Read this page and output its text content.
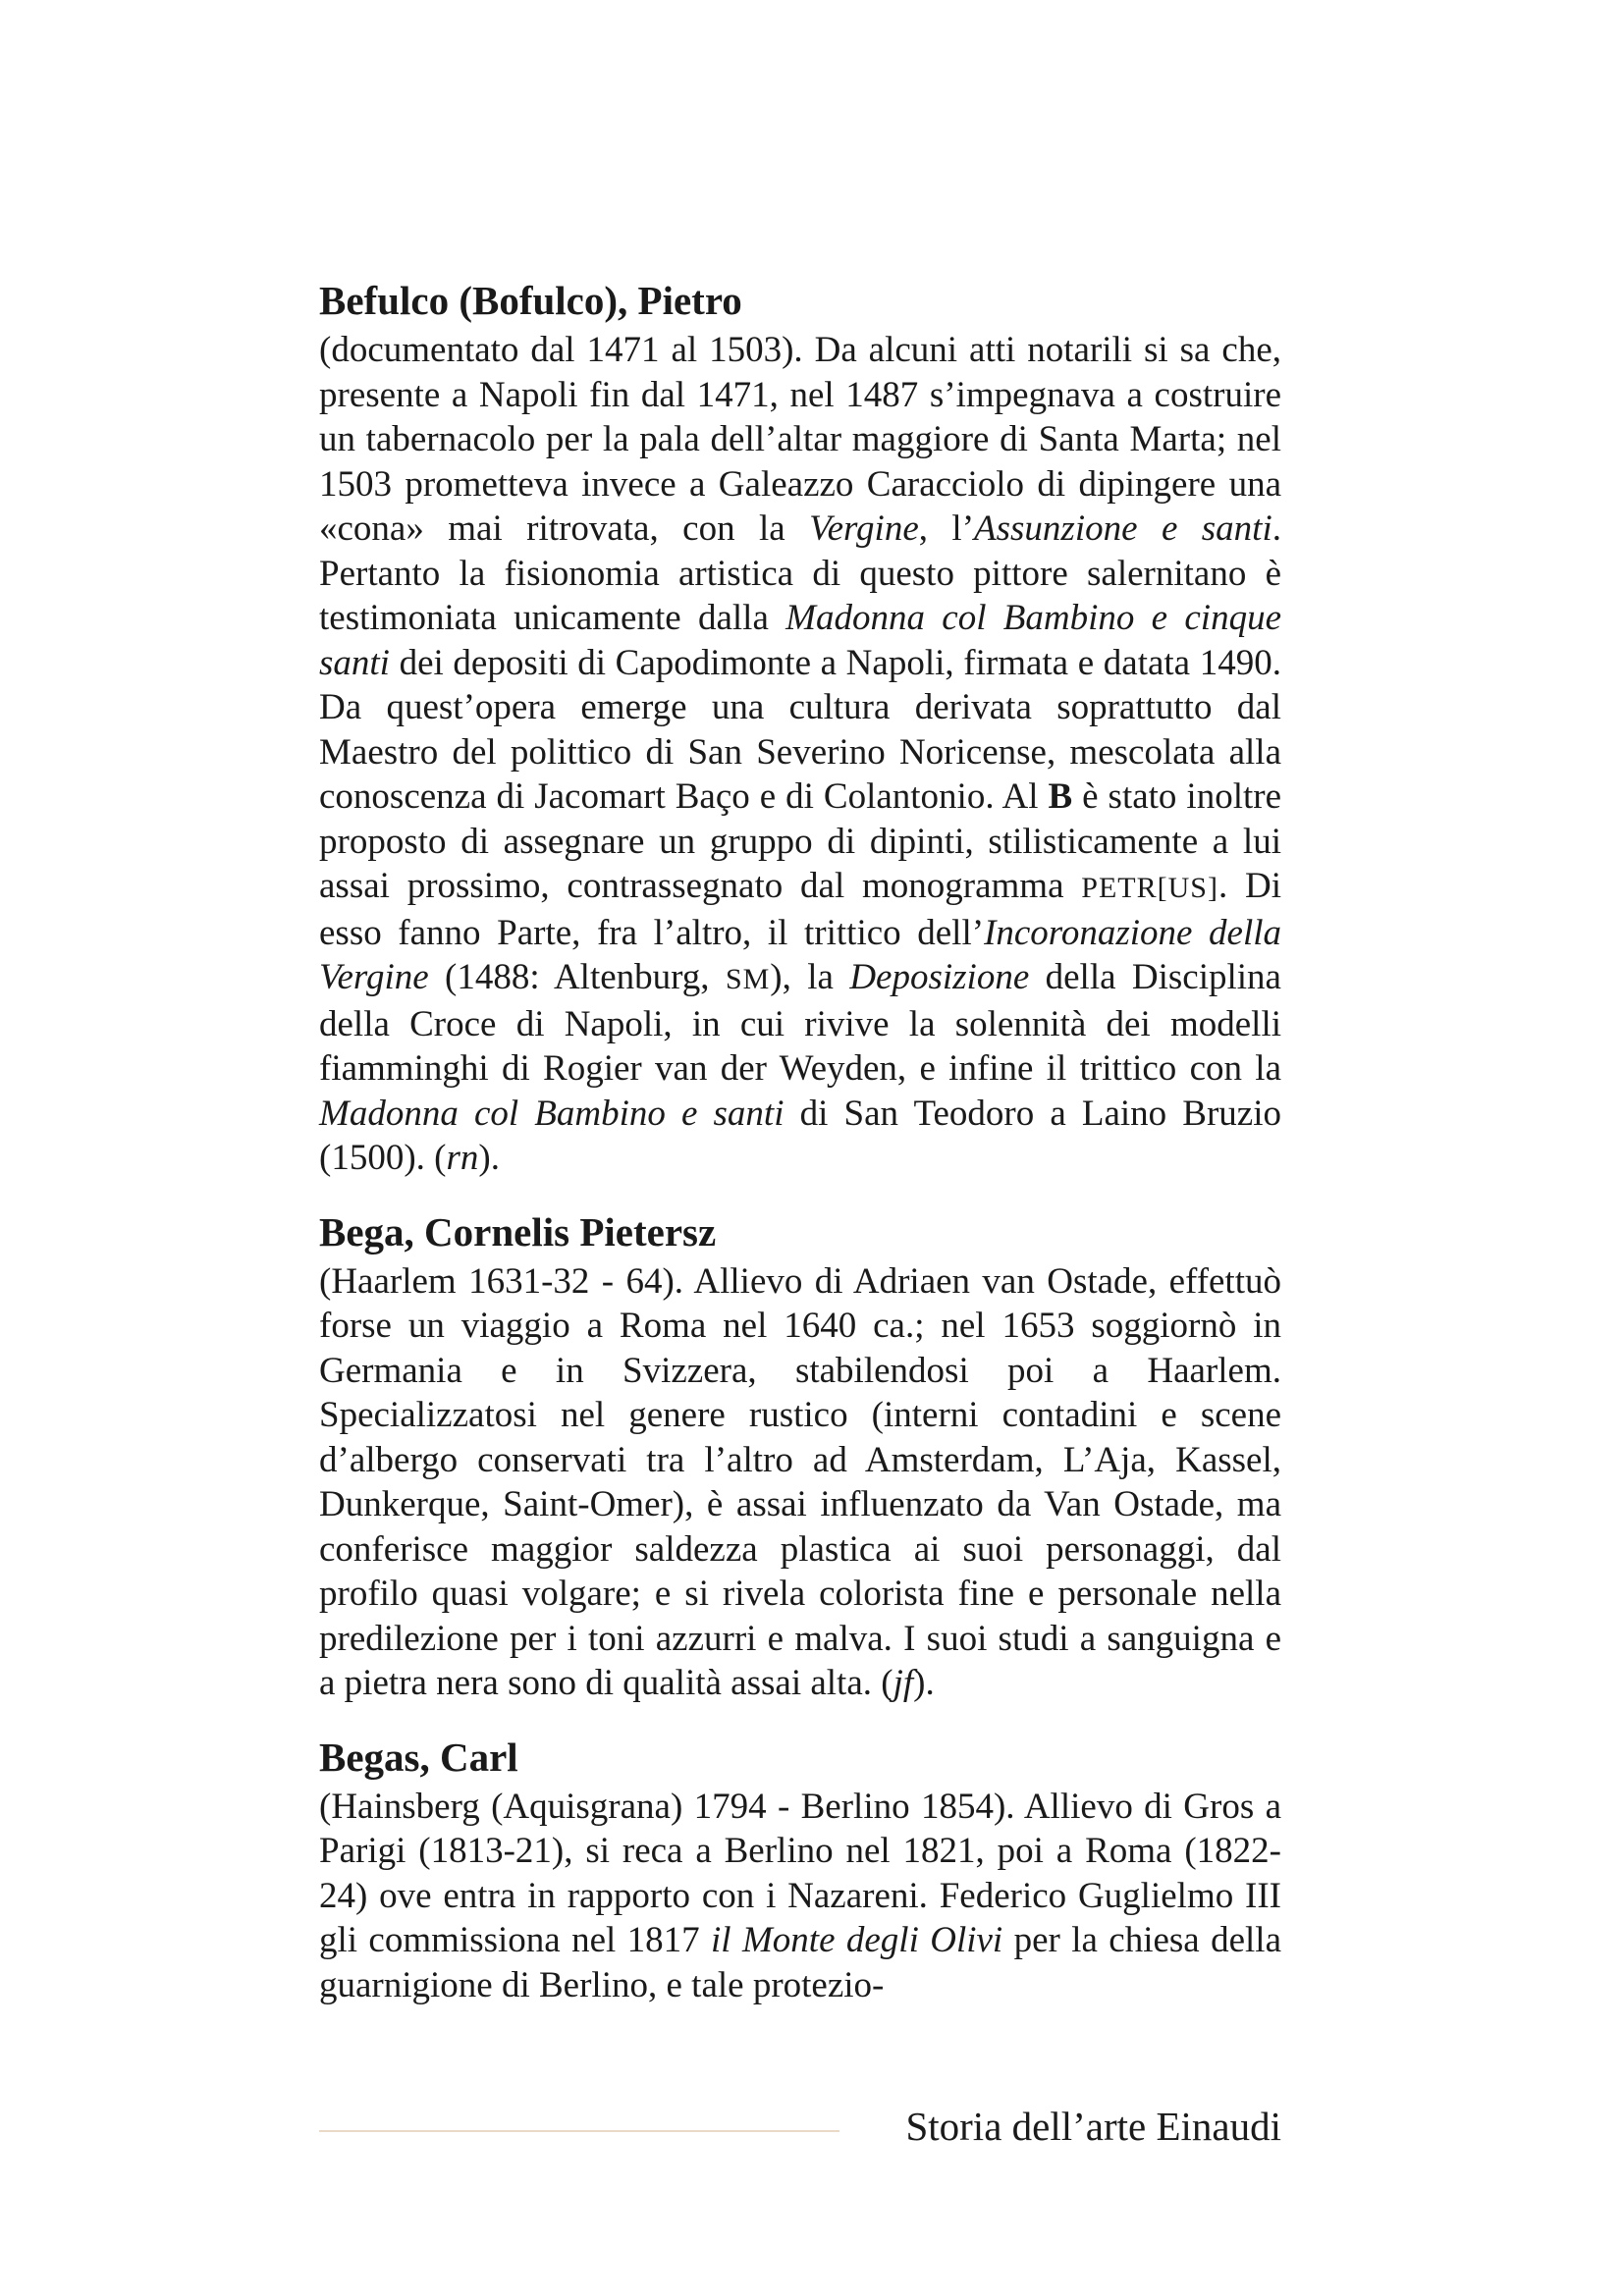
Befulco (Bofulco), Pietro

(documentato dal 1471 al 1503). Da alcuni atti notarili si sa che, presente a Napoli fin dal 1471, nel 1487 s’impegnava a costruire un tabernacolo per la pala dell’altar maggiore di Santa Marta; nel 1503 prometteva invece a Galeazzo Caracciolo di dipingere una «cona» mai ritrovata, con la Vergine, l’Assunzione e santi. Pertanto la fisionomia artistica di questo pittore salernitano è testimoniata unicamente dalla Madonna col Bambino e cinque santi dei depositi di Capodimonte a Napoli, firmata e datata 1490. Da quest’opera emerge una cultura derivata soprattutto dal Maestro del polittico di San Severino Noricense, mescolata alla conoscenza di Jacomart Baço e di Colantonio. Al B è stato inoltre proposto di assegnare un gruppo di dipinti, stilisticamente a lui assai prossimo, contrassegnato dal monogramma PETR[US]. Di esso fanno Parte, fra l’altro, il trittico dell’Incoronazione della Vergine (1488: Altenburg, SM), la Deposizione della Disciplina della Croce di Napoli, in cui rivive la solennità dei modelli fiamminghi di Rogier van der Weyden, e infine il trittico con la Madonna col Bambino e santi di San Teodoro a Laino Bruzio (1500). (rn).

Bega, Cornelis Pietersz

(Haarlem 1631-32 - 64). Allievo di Adriaen van Ostade, effettuò forse un viaggio a Roma nel 1640 ca.; nel 1653 soggiornò in Germania e in Svizzera, stabilendosi poi a Haarlem. Specializzatosi nel genere rustico (interni contadini e scene d’albergo conservati tra l’altro ad Amsterdam, L’Aja, Kassel, Dunkerque, Saint-Omer), è assai influenzato da Van Ostade, ma conferisce maggior saldezza plastica ai suoi personaggi, dal profilo quasi volgare; e si rivela colorista fine e personale nella predilezione per i toni azzurri e malva. I suoi studi a sanguigna e a pietra nera sono di qualità assai alta. (jf).

Begas, Carl

(Hainsberg (Aquisgrana) 1794 - Berlino 1854). Allievo di Gros a Parigi (1813-21), si reca a Berlino nel 1821, poi a Roma (1822-24) ove entra in rapporto con i Nazareni. Federico Guglielmo III gli commissiona nel 1817 il Monte degli Olivi per la chiesa della guarnigione di Berlino, e tale protezio-

Storia dell’arte Einaudi
